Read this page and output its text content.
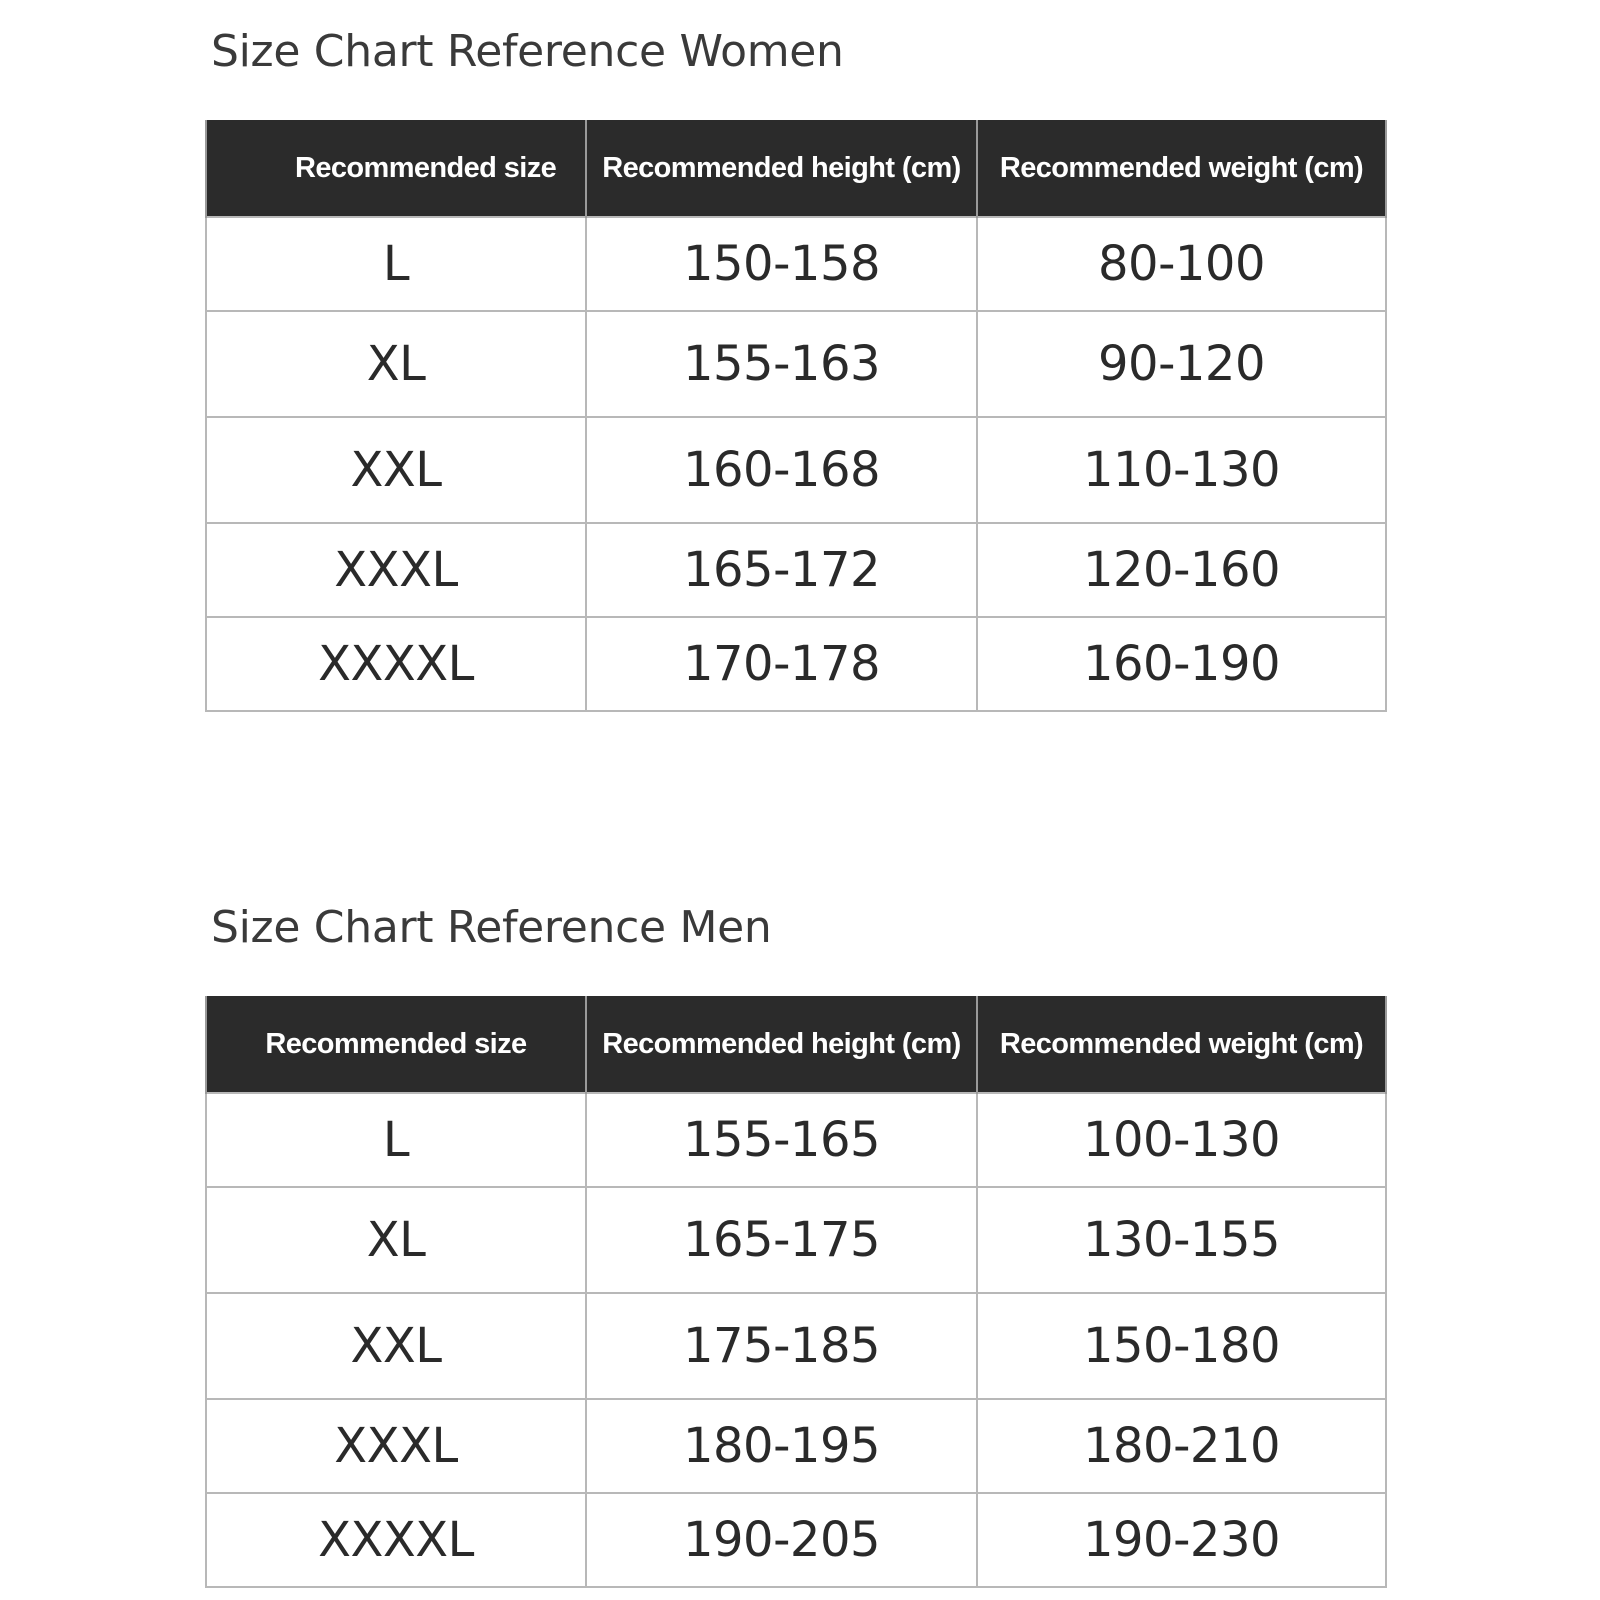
Size Chart Reference Women
Recommended size	Recommended height (cm)	Recommended weight (cm)
L	150-158	80-100
XL	155-163	90-120
XXL	160-168	110-130
XXXL	165-172	120-160
XXXXL	170-178	160-190
Size Chart Reference Men
Recommended size	Recommended height (cm)	Recommended weight (cm)
L	155-165	100-130
XL	165-175	130-155
XXL	175-185	150-180
XXXL	180-195	180-210
XXXXL	190-205	190-230
